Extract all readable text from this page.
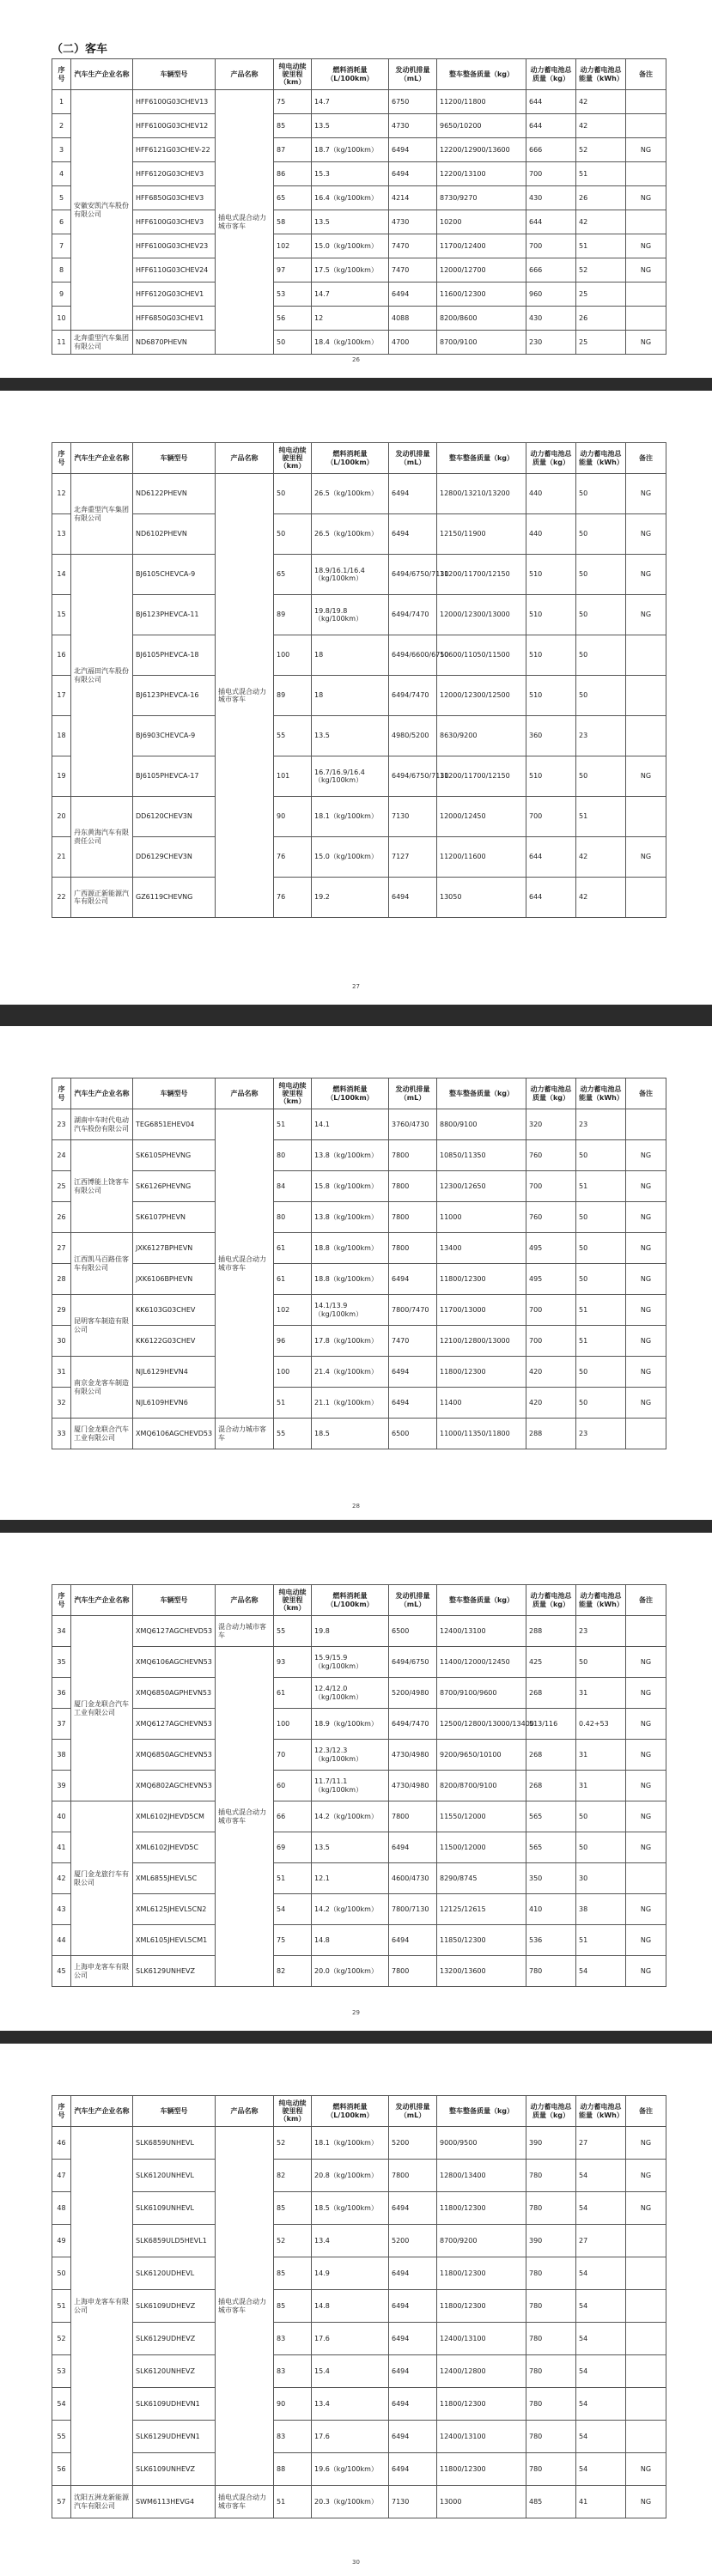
（二）客车
序号	汽车生产企业名称	车辆型号	产品名称	纯电动续驶里程（km）	燃料消耗量（L/100km）	发动机排量（mL）	整车整备质量（kg）	动力蓄电池总质量（kg）	动力蓄电池总能量（kWh）	备注
1	安徽安凯汽车股份有限公司	HFF6100G03CHEV13	插电式混合动力城市客车	75	14.7	6750	11200/11800	644	42	
2		HFF6100G03CHEV12		85	13.5	4730	9650/10200	644	42	
3		HFF6121G03CHEV-22		87	18.7（kg/100km）	6494	12200/12900/13600	666	52	NG
4		HFF6120G03CHEV3		86	15.3	6494	12200/13100	700	51	
5		HFF6850G03CHEV3		65	16.4（kg/100km）	4214	8730/9270	430	26	NG
6		HFF6100G03CHEV3		58	13.5	4730	10200	644	42	
7		HFF6100G03CHEV23		102	15.0（kg/100km）	7470	11700/12400	700	51	NG
8		HFF6110G03CHEV24		97	17.5（kg/100km）	7470	12000/12700	666	52	NG
9		HFF6120G03CHEV1		53	14.7	6494	11600/12300	960	25	
10		HFF6850G03CHEV1		56	12	4088	8200/8600	430	26	
11	北奔重型汽车集团有限公司	ND6870PHEVN		50	18.4（kg/100km）	4700	8700/9100	230	25	NG
26
序号	汽车生产企业名称	车辆型号	产品名称	纯电动续驶里程（km）	燃料消耗量（L/100km）	发动机排量（mL）	整车整备质量（kg）	动力蓄电池总质量（kg）	动力蓄电池总能量（kWh）	备注
12	北奔重型汽车集团有限公司	ND6122PHEVN	插电式混合动力城市客车	50	26.5（kg/100km）	6494	12800/13210/13200	440	50	NG
13		ND6102PHEVN		50	26.5（kg/100km）	6494	12150/11900	440	50	NG
14	北汽福田汽车股份有限公司	BJ6105CHEVCA-9		65	18.9/16.1/16.4（kg/100km）	6494/6750/7130	11200/11700/12150	510	50	NG
15		BJ6123PHEVCA-11		89	19.8/19.8（kg/100km）	6494/7470	12000/12300/13000	510	50	NG
16		BJ6105PHEVCA-18		100	18	6494/6600/6750	10600/11050/11500	510	50	
17		BJ6123PHEVCA-16		89	18	6494/7470	12000/12300/12500	510	50	
18		BJ6903CHEVCA-9		55	13.5	4980/5200	8630/9200	360	23	
19		BJ6105PHEVCA-17		101	16.7/16.9/16.4（kg/100km）	6494/6750/7130	11200/11700/12150	510	50	NG
20	丹东黄海汽车有限责任公司	DD6120CHEV3N		90	18.1（kg/100km）	7130	12000/12450	700	51	
21		DD6129CHEV3N		76	15.0（kg/100km）	7127	11200/11600	644	42	NG
22	广西源正新能源汽车有限公司	GZ6119CHEVNG		76	19.2	6494	13050	644	42	
27
序号	汽车生产企业名称	车辆型号	产品名称	纯电动续驶里程（km）	燃料消耗量（L/100km）	发动机排量（mL）	整车整备质量（kg）	动力蓄电池总质量（kg）	动力蓄电池总能量（kWh）	备注
23	湖南中车时代电动汽车股份有限公司	TEG6851EHEV04	插电式混合动力城市客车	51	14.1	3760/4730	8800/9100	320	23	
24	江西博能上饶客车有限公司	SK6105PHEVNG		80	13.8（kg/100km）	7800	10850/11350	760	50	NG
25		SK6126PHEVNG		84	15.8（kg/100km）	7800	12300/12650	700	51	NG
26		SK6107PHEVN		80	13.8（kg/100km）	7800	11000	760	50	NG
27	江西凯马百路佳客车有限公司	JXK6127BPHEVN		61	18.8（kg/100km）	7800	13400	495	50	NG
28		JXK6106BPHEVN		61	18.8（kg/100km）	6494	11800/12300	495	50	NG
29	昆明客车制造有限公司	KK6103G03CHEV		102	14.1/13.9（kg/100km）	7800/7470	11700/13000	700	51	NG
30		KK6122G03CHEV		96	17.8（kg/100km）	7470	12100/12800/13000	700	51	NG
31	南京金龙客车制造有限公司	NJL6129HEVN4		100	21.4（kg/100km）	6494	11800/12300	420	50	NG
32		NJL6109HEVN6		51	21.1（kg/100km）	6494	11400	420	50	NG
33	厦门金龙联合汽车工业有限公司	XMQ6106AGCHEVD53	混合动力城市客车	55	18.5	6500	11000/11350/11800	288	23	
28
序号	汽车生产企业名称	车辆型号	产品名称	纯电动续驶里程（km）	燃料消耗量（L/100km）	发动机排量（mL）	整车整备质量（kg）	动力蓄电池总质量（kg）	动力蓄电池总能量（kWh）	备注
34	厦门金龙联合汽车工业有限公司	XMQ6127AGCHEVD53	混合动力城市客车	55	19.8	6500	12400/13100	288	23	
35		XMQ6106AGCHEVN53	插电式混合动力城市客车	93	15.9/15.9（kg/100km）	6494/6750	11400/12000/12450	425	50	NG
36		XMQ6850AGPHEVN53		61	12.4/12.0（kg/100km）	5200/4980	8700/9100/9600	268	31	NG
37		XMQ6127AGCHEVN53		100	18.9（kg/100km）	6494/7470	12500/12800/13000/13400	513/116	0.42+53	NG
38		XMQ6850AGCHEVN53		70	12.3/12.3（kg/100km）	4730/4980	9200/9650/10100	268	31	NG
39		XMQ6802AGCHEVN53		60	11.7/11.1（kg/100km）	4730/4980	8200/8700/9100	268	31	NG
40	厦门金龙旅行车有限公司	XML6102JHEVD5CM		66	14.2（kg/100km）	7800	11550/12000	565	50	NG
41		XML6102JHEVD5C		69	13.5	6494	11500/12000	565	50	NG
42		XML6855JHEVL5C		51	12.1	4600/4730	8290/8745	350	30	
43		XML6125JHEVL5CN2		54	14.2（kg/100km）	7800/7130	12125/12615	410	38	NG
44		XML6105JHEVL5CM1		75	14.8	6494	11850/12300	536	51	NG
45	上海申龙客车有限公司	SLK6129UNHEVZ		82	20.0（kg/100km）	7800	13200/13600	780	54	NG
29
序号	汽车生产企业名称	车辆型号	产品名称	纯电动续驶里程（km）	燃料消耗量（L/100km）	发动机排量（mL）	整车整备质量（kg）	动力蓄电池总质量（kg）	动力蓄电池总能量（kWh）	备注
46	上海申龙客车有限公司	SLK6859UNHEVL	插电式混合动力城市客车	52	18.1（kg/100km）	5200	9000/9500	390	27	NG
47		SLK6120UNHEVL		82	20.8（kg/100km）	7800	12800/13400	780	54	NG
48		SLK6109UNHEVL		85	18.5（kg/100km）	6494	11800/12300	780	54	NG
49		SLK6859ULD5HEVL1		52	13.4	5200	8700/9200	390	27	
50		SLK6120UDHEVL		85	14.9	6494	11800/12300	780	54	
51		SLK6109UDHEVZ		85	14.8	6494	11800/12300	780	54	
52		SLK6129UDHEVZ		83	17.6	6494	12400/13100	780	54	
53		SLK6120UNHEVZ		83	15.4	6494	12400/12800	780	54	
54		SLK6109UDHEVN1		90	13.4	6494	11800/12300	780	54	
55		SLK6129UDHEVN1		83	17.6	6494	12400/13100	780	54	
56		SLK6109UNHEVZ		88	19.6（kg/100km）	6494	11800/12300	780	54	NG
57	沈阳五洲龙新能源汽车有限公司	SWM6113HEVG4	插电式混合动力城市客车	51	20.3（kg/100km）	7130	13000	485	41	NG
30
